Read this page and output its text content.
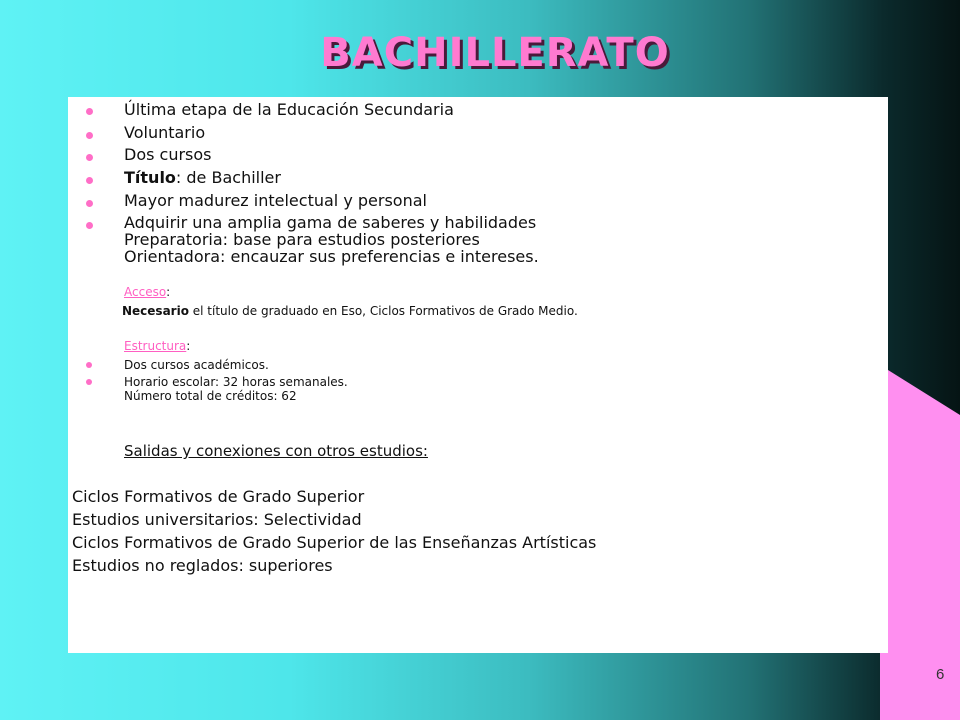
BACHILLERATO
Última etapa de la Educación Secundaria
Voluntario
Dos cursos
Título: de Bachiller
Mayor madurez intelectual y personal
Adquirir una amplia gama de saberes y habilidades
Preparatoria: base para estudios posteriores
Orientadora: encauzar sus preferencias e intereses.
Acceso:
Necesario el título de graduado en Eso, Ciclos Formativos de Grado Medio.
Estructura:
Dos cursos académicos.
Horario escolar: 32 horas semanales.
Número total de créditos: 62
Salidas y conexiones con otros estudios:
Ciclos Formativos de Grado Superior
Estudios universitarios: Selectividad
Ciclos Formativos de Grado Superior de las Enseñanzas Artísticas
Estudios no reglados: superiores
6
